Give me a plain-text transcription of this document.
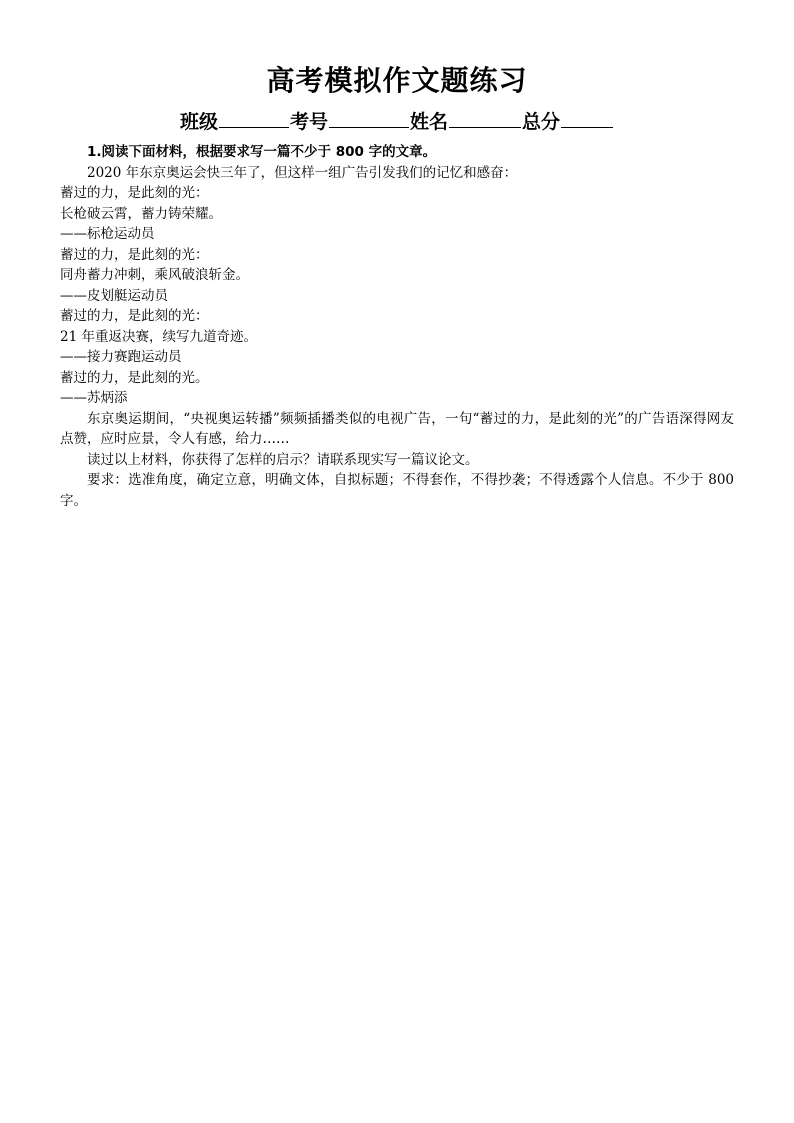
高考模拟作文题练习
班级	考号	姓名	总分

1.阅读下面材料，根据要求写一篇不少于 800 字的文章。

2020 年东京奥运会快三年了，但这样一组广告引发我们的记忆和感奋：

蓄过的力，是此刻的光：

长枪破云霄，蓄力铸荣耀。

——标枪运动员

蓄过的力，是此刻的光：

同舟蓄力冲刺，乘风破浪斩金。

——皮划艇运动员

蓄过的力，是此刻的光：

21 年重返决赛，续写九道奇迹。

——接力赛跑运动员

蓄过的力，是此刻的光。

——苏炳添

东京奥运期间，“央视奥运转播”频频插播类似的电视广告，一句“蓄过的力，是此刻的光”的广告语深得网友点赞，应时应景，令人有感，给力……

读过以上材料，你获得了怎样的启示？请联系现实写一篇议论文。

要求：选准角度，确定立意，明确文体，自拟标题；不得套作，不得抄袭；不得透露个人信息。不少于 800 字。
